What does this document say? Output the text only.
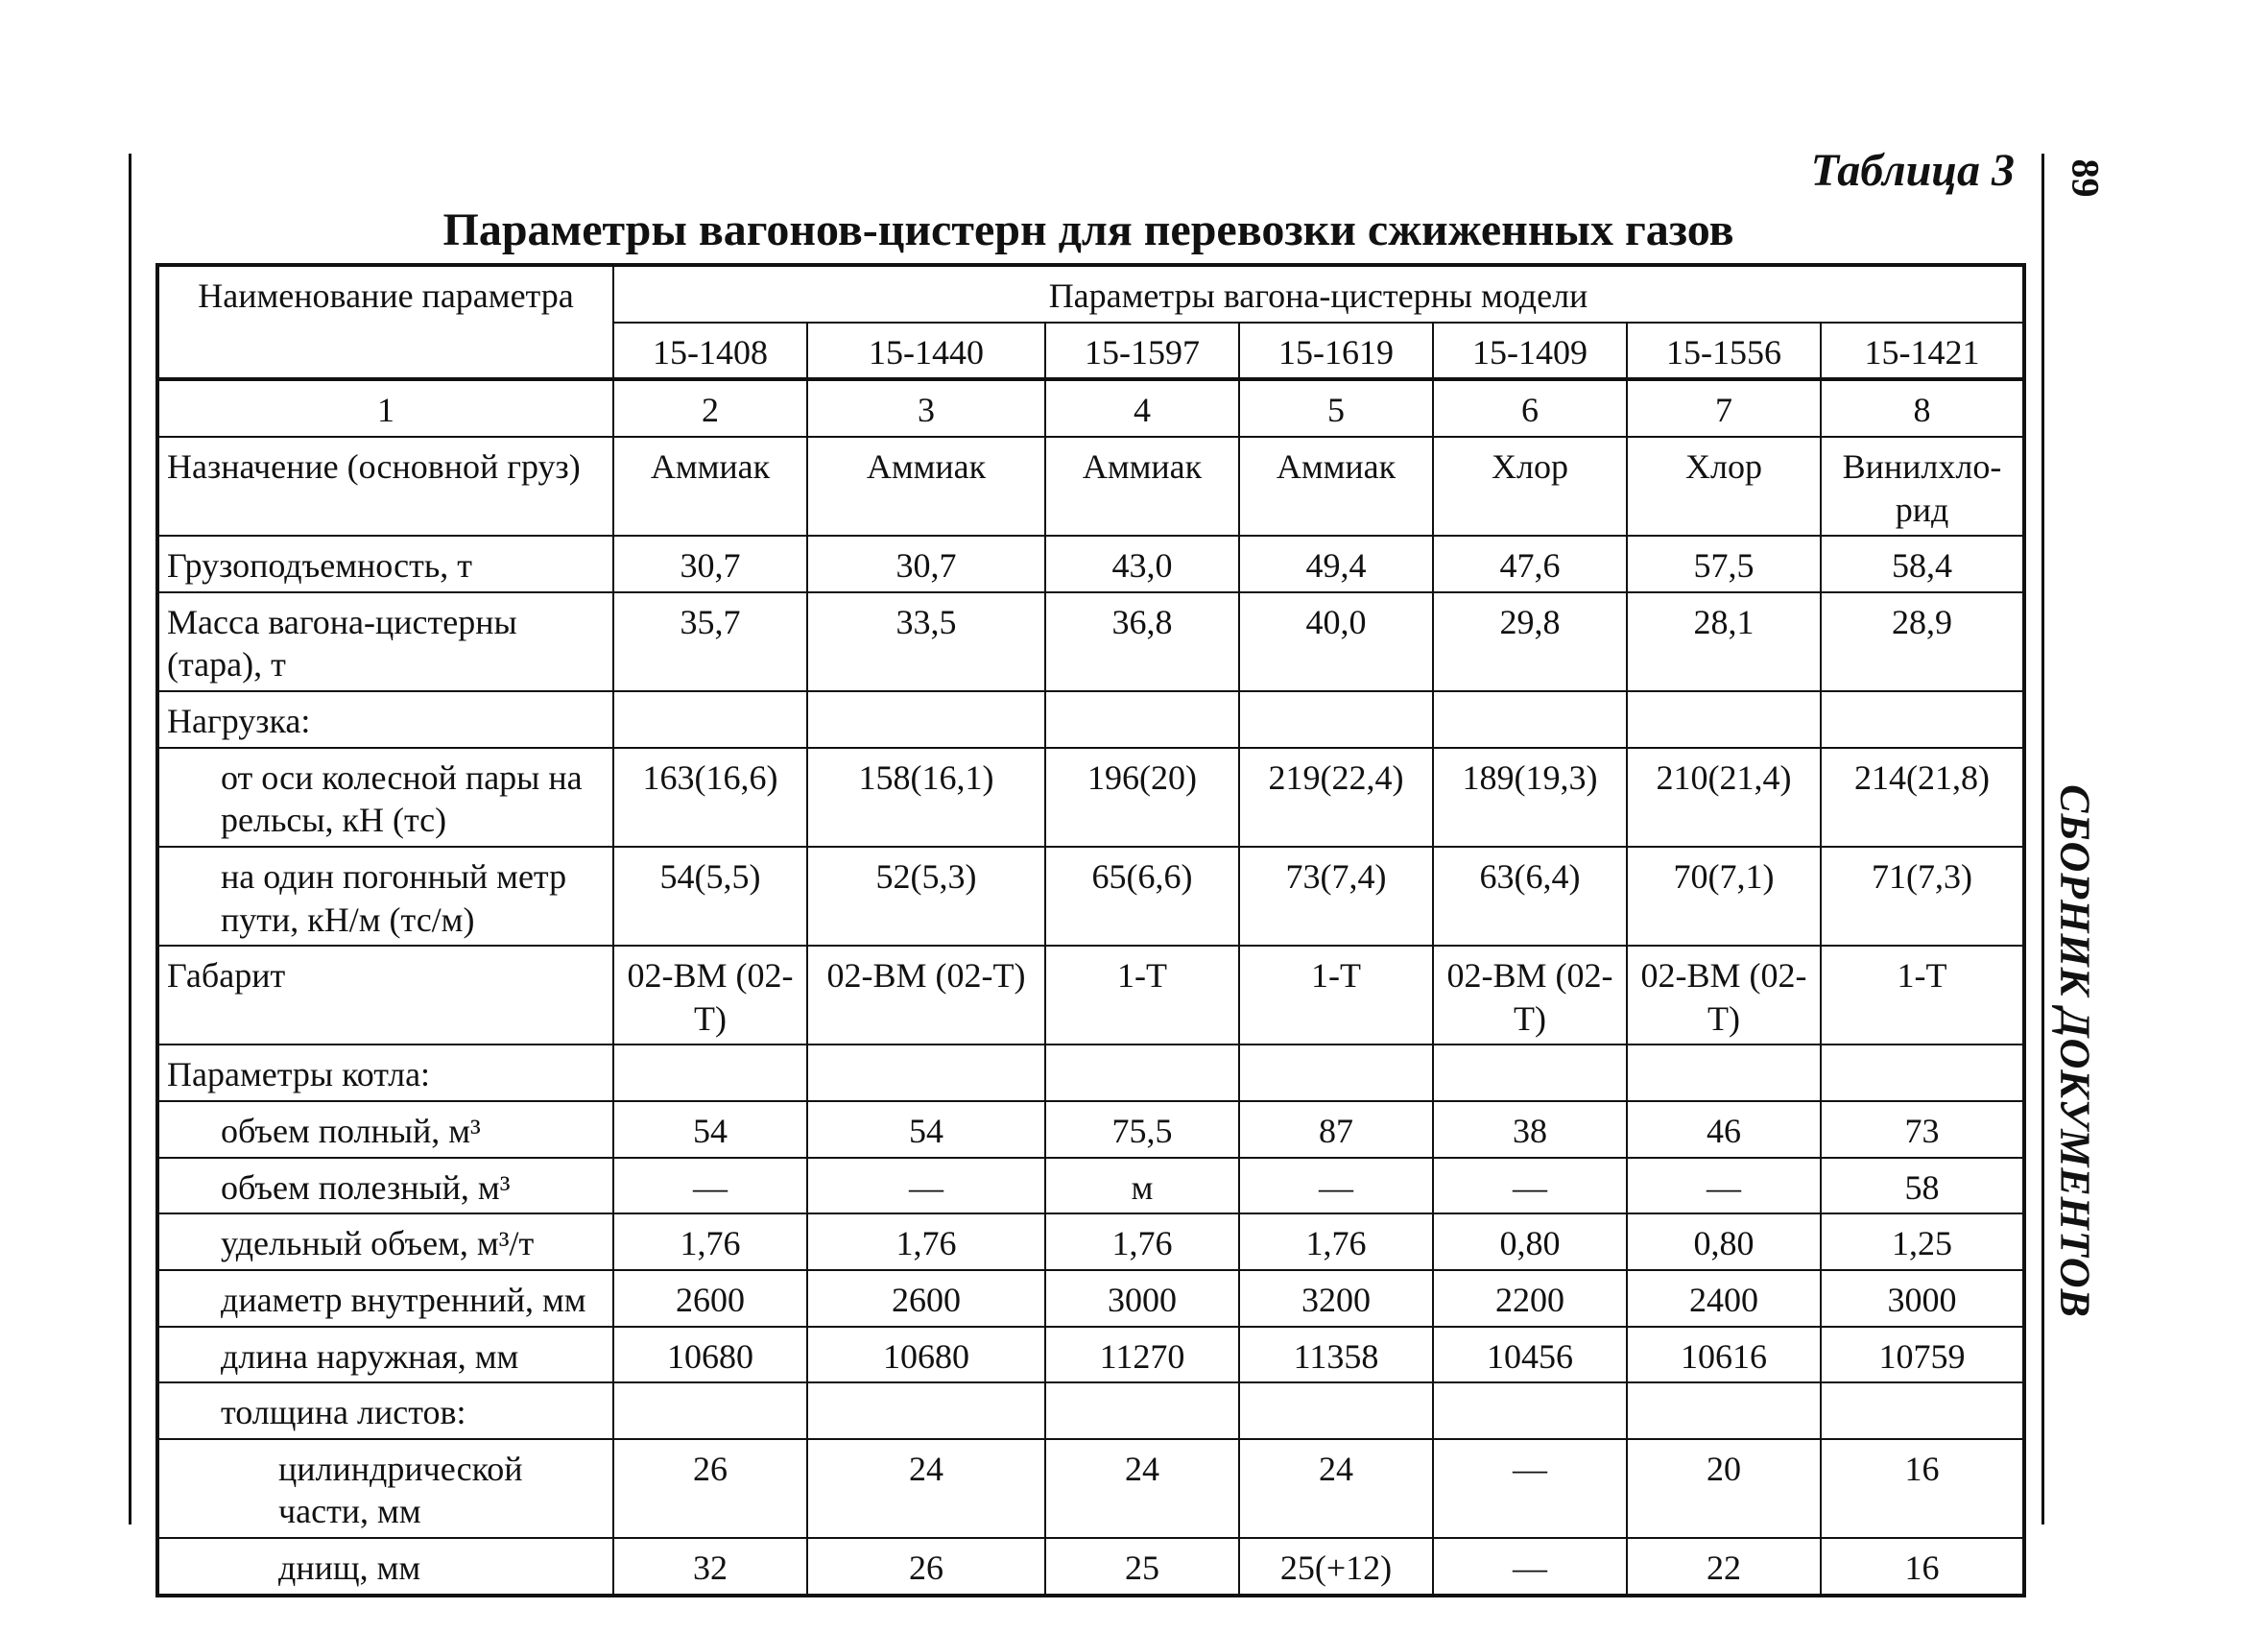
Таблица 3 89
СБОРНИК ДОКУМЕНТОВ
Параметры вагонов-цистерн для перевозки сжиженных газов
Наименование параметра	Параметры вагона-цистерны модели						
	15-1408	15-1440	15-1597	15-1619	15-1409	15-1556	15-1421
1	2	3	4	5	6	7	8
Назначение (основной груз)	Аммиак	Аммиак	Аммиак	Аммиак	Хлор	Хлор	Винилхло-рид
Грузоподъемность, т	30,7	30,7	43,0	49,4	47,6	57,5	58,4
Масса вагона-цистерны (тара), т	35,7	33,5	36,8	40,0	29,8	28,1	28,9
Нагрузка:							
от оси колесной пары на рельсы, кН (тс)	163(16,6)	158(16,1)	196(20)	219(22,4)	189(19,3)	210(21,4)	214(21,8)
на один погонный метр пути, кН/м (тс/м)	54(5,5)	52(5,3)	65(6,6)	73(7,4)	63(6,4)	70(7,1)	71(7,3)
Габарит	02-ВМ (02-Т)	02-ВМ (02-Т)	1-Т	1-Т	02-ВМ (02-Т)	02-ВМ (02-Т)	1-Т
Параметры котла:							
объем полный, м³	54	54	75,5	87	38	46	73
объем полезный, м³	—	—	м	—	—	—	58
удельный объем, м³/т	1,76	1,76	1,76	1,76	0,80	0,80	1,25
диаметр внутренний, мм	2600	2600	3000	3200	2200	2400	3000
длина наружная, мм	10680	10680	11270	11358	10456	10616	10759
толщина листов:							
цилиндрической части, мм	26	24	24	24	—	20	16
днищ, мм	32	26	25	25(+12)	—	22	16
